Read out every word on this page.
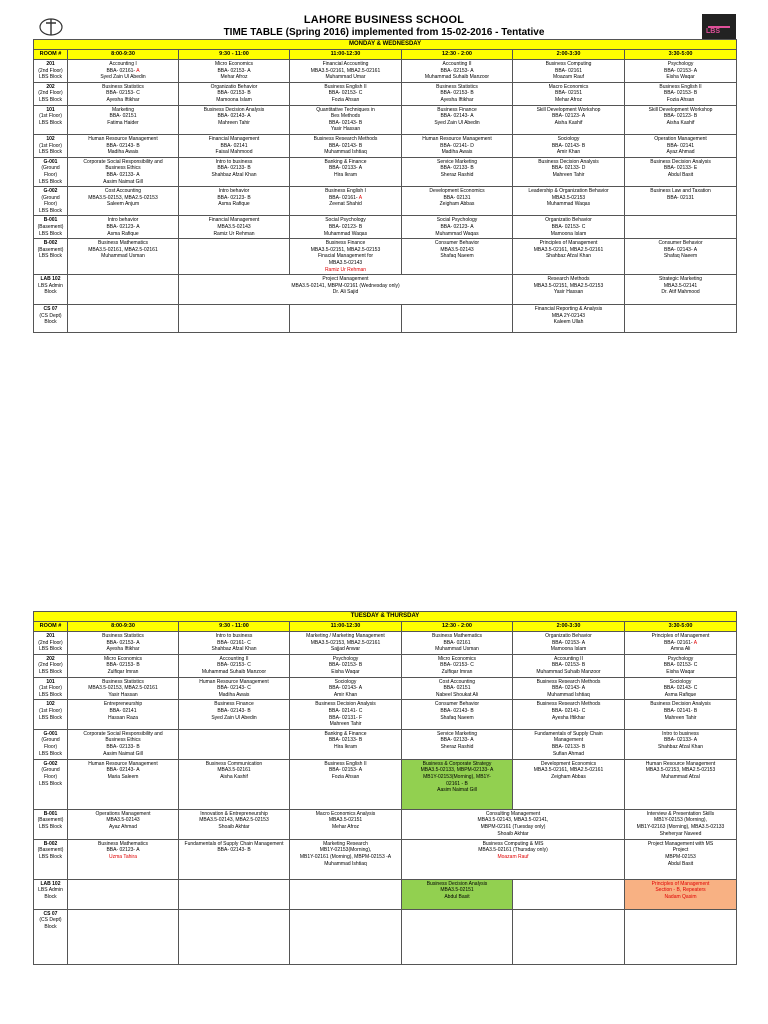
LBS
LAHORE BUSINESS SCHOOL
TIME TABLE (Spring 2016) implemented from 15-02-2016 - Tentative
MONDAY & WEDNESDAY						
ROOM #	8:00-9:30	9:30 - 11:00	11:00-12:30	12:30 - 2:00	2:00-3:30	3:30-5:00

201
(2nd Floor)
LBS Block	Accounting I
BBA- 02161- A
Syed Zain Ul Abedin	Micro Economics
BBA- 02153- A
Mehar Afroz	Financial Accounting
MBA3.5-02161, MBA2.5-02161
Muhammad Umar	Accounting II
BBA- 02153- A
Muhammad Suhaib Manzoor	Business Computing
BBA- 02161
Moazam Rauf	Psychology
BBA- 02153- A
Eisha Waqar

202
(2nd Floor)
LBS Block	Business Statistics
BBA- 02153- C
Ayesha Iftikhar	Organizatio Behavior
BBA- 02153- B
Mamoona Islam	Business English II
BBA- 02153- C
Fozia Ahsan	Business Statistics
BBA- 02153- B
Ayesha Iftikhar	Macro Economics
BBA- 02151
Mehar Afroz	Business English II
BBA- 02153- B
Fozia Ahsan

101
(1st Floor)
LBS Block	Marketing
BBA- 02151
Fatima Haider	Business Decision Analysis
BBA- 02143- A
Mahreen Tahir	Quantitative Techniques in
Bes Methods
BBA- 02143- B
Yasir Hassan	Business Finance
BBA- 02143- A
Syed Zain Ul Abedin	Skill Development Workshop
BBA- 02123- A
Aisha Kashif	Skill Development Workshop
BBA- 02123- B
Aisha Kashif

102
(1st Floor)
LBS Block	Human Resource Management
BBA- 02143- B
Madiha Awais	Financial Management
BBA- 02141
Faisal Mahmood	Business Research Methods
BBA- 02143- B
Muhammad Ishtiaq	Human Resource Management
BBA- 02141- D
Madiha Awais	Sociology
BBA- 02143- B
Amir Khan	Operation Management
BBA- 02141
Ayaz Ahmad

G-001
(Ground
Floor)
LBS Block	Corporate Social Responsibility and
Business Ethics
BBA- 02133- A
Aasim Naimat Gill	Intro to business
BBA- 02133- B
Shahbaz Afzal Khan	Banking & Finance
BBA- 02133- A
Hira Ikram	Service Marketing
BBA- 02133- B
Sheraz Rashid	Business Decision Analysis
BBA- 02133- D
Mahreen Tahir	Business Decision Analysis
BBA- 02133- E
Abdul Basit

G-002
(Ground
Floor)
LBS Block	Cost Accounting
MBA3.5-02153, MBA2.5-02153
Saleem Anjum	Intro behavior
BBA- 02123- B
Asma Rafique	Business English I
BBA- 02161- A
Zeenat Shahid	Development Economics
BBA- 02131
Zeigham Abbas	Leadership & Organization Behavior
MBA3.5-02153
Muhammad Waqas	Business Law and Taxation
BBA- 02131

B-001
(Basement)
LBS Block	Intro behavior
BBA- 02123- A
Asma Rafique	Financial Management
MBA3.5-02143
Ramiz Ur Rehman	Social Psychology
BBA- 02123- B
Muhammad Waqas	Social Psychology
BBA- 02123- A
Muhammad Waqas	Organizatio Behavior
BBA- 02153- C
Mamoona Islam	

B-002
(Basement)
LBS Block	Business Mathematics
MBA3.5-02161, MBA2.5-02161
Muhammad Usman		Business Finance
MBA3.5-02151, MBA2.5-02153
Finacial Management for
MBA3.5-02143
Ramiz Ur Rehman	Consumer Behavior
MBA3.5-02143
Shafaq Naeem	Principles of Management
MBA3.5-02161, MBA2.5-02161
Shahbaz Afzal Khan	Consumer Behavior
BBA- 02143- A
Shafaq Naeem

LAB 102
LBS Admin
Block		Project Management
MBA3.5-02141, MBPM-02161 (Wednesday only)
Dr. Ali Sajid			Research Methods
MBA3.5-02151, MBA2.5-02153
Yasir Hassan	Strategic Marketing
MBA3.5-02141
Dr. Atif Mahmood

CS 07
(CS Dept)
Block					Financial Reporting & Analysis
MBA 2Y-02143
Kaleem Ullah	

TUESDAY & THURSDAY						
ROOM #	8:00-9:30	9:30 - 11:00	11:00-12:30	12:30 - 2:00	2:00-3:30	3:30-5:00

201
(2nd Floor)
LBS Block	Business Statistics
BBA- 02153- A
Ayesha Iftikhar	Intro to business
BBA- 02161- C
Shahbaz Afzal Khan	Marketing / Marketing Management
MBA3.5-02153, MBA2.5-02161
Sajjad Anwar	Business Mathematics
BBA- 02161
Muhammad Usman	Organizatio Behavior
BBA- 02153- A
Mamoona Islam	Principles of Management
BBA- 02161- A
Amna Ali

202
(2nd Floor)
LBS Block	Micro Economics
BBA- 02153- B
Zulfiqar Imran	Accounting II
BBA- 02153- C
Muhammad Suhaib Manzoor	Psychology
BBA- 02153- B
Eisha Waqar	Micro Economics
BBA- 02153- C
Zulfiqar Imran	Accounting II
BBA- 02153- B
Muhammad Suhaib Manzoor	Psychology
BBA- 02153- C
Eisha Waqar

101
(1st Floor)
LBS Block	Business Statistics
MBA3.5-02153, MBA2.5-02161
Yasir Hassan	Human Resource Management
BBA- 02143- C
Madiha Awais	Sociology
BBA- 02143- A
Amir Khan	Cost Accounting
BBA- 02151
Nabeel Shoukat Ali	Business Research Methods
BBA- 02143- A
Muhammad Ishtiaq	Sociology
BBA- 02143- C
Asma Rafique

102
(1st Floor)
LBS Block	Entrepreneurship
BBA- 02141
Hassan Raza	Business Finance
BBA- 02143- B
Syed Zain Ul Abedin	Business Decision Analysis
BBA- 02141- C
BBA- 02131- F
Mahreen Tahir	Consumer Behavior
BBA- 02143- B
Shafaq Naeem	Business Research Methods
BBA- 02141- C
Ayesha Iftikhar	Business Decision Analysis
BBA- 02141- B
Mahreen Tahir

G-001
(Ground
Floor)
LBS Block	Corporate Social Responsibility and
Business Ethics
BBA- 02133- B
Aasim Naimat Gill		Banking & Finance
BBA- 02133- B
Hira Ikram	Service Marketing
BBA- 02133- A
Sheraz Rashid	Fundamentals of Supply Chain
Management
BBA- 02133- B
Sufian Ahmad	Intro to business
BBA- 02133- A
Shahbaz Afzal Khan

G-002
(Ground
Floor)
LBS Block	Human Resource Management
BBA- 02143- A
Maria Saleem	Business Communication
MBA3.5-02161
Aisha Kashif	Business English II
BBA- 02153- A
Fozia Ahsan	Business & Corporate Strategy
MBA3.5-02133, MBPM-02133- A
MB1Y-02153(Morning), MB1Y-
02161 - B
Aasim Naimat Gill	Development Economics
MBA3.5-02161, MBA2.5-02161
Zeigham Abbas	Human Resource Management
MBA3.5-02153, MBA2.5-02153
Muhammad Afzal

B-001
(Basement)
LBS Block	Operations Management
MBA3.5-02143
Ayaz Ahmad	Innovation & Entrepreneurship
MBA3.5-02143, MBA2.5-02153
Shoaib Akhtar	Macro Economics Analysis
MBA3.5-02151
Mehar Afroz	Consulting Management
MBA3.5-02143, MBA3.5-02141,
MBPM-02161 (Tuesday only)
Shoaib Akhtar		Interview & Presentation Skills
MB1Y-02153 (Morning),
MB1Y-02163 (Morning), MBA3.5-02133
Sheheryar Naveed

B-002
(Basement)
LBS Block	Business Mathematics
BBA- 02123- A
Uzma Tahira	Fundamentals of Supply Chain Management
BBA- 02143- B	Marketing Research
MB1Y-02153(Morning),
MB1Y-02161 (Morning), MBPM-02153 -A
Muhammad Ishtiaq	Business Computing & MIS
MBA3.5-02161 (Thursday only)
Moazam Rauf		Project Management with MS
Project
MBPM-02153
Abdul Basit

LAB 102
LBS Admin
Block				Business Decision Analysis
MBA3.5-02151
Abdul Basit		Principles of Management
Section - B, Repeaters
Nadam Qasim

CS 07
(CS Dept)
Block						
